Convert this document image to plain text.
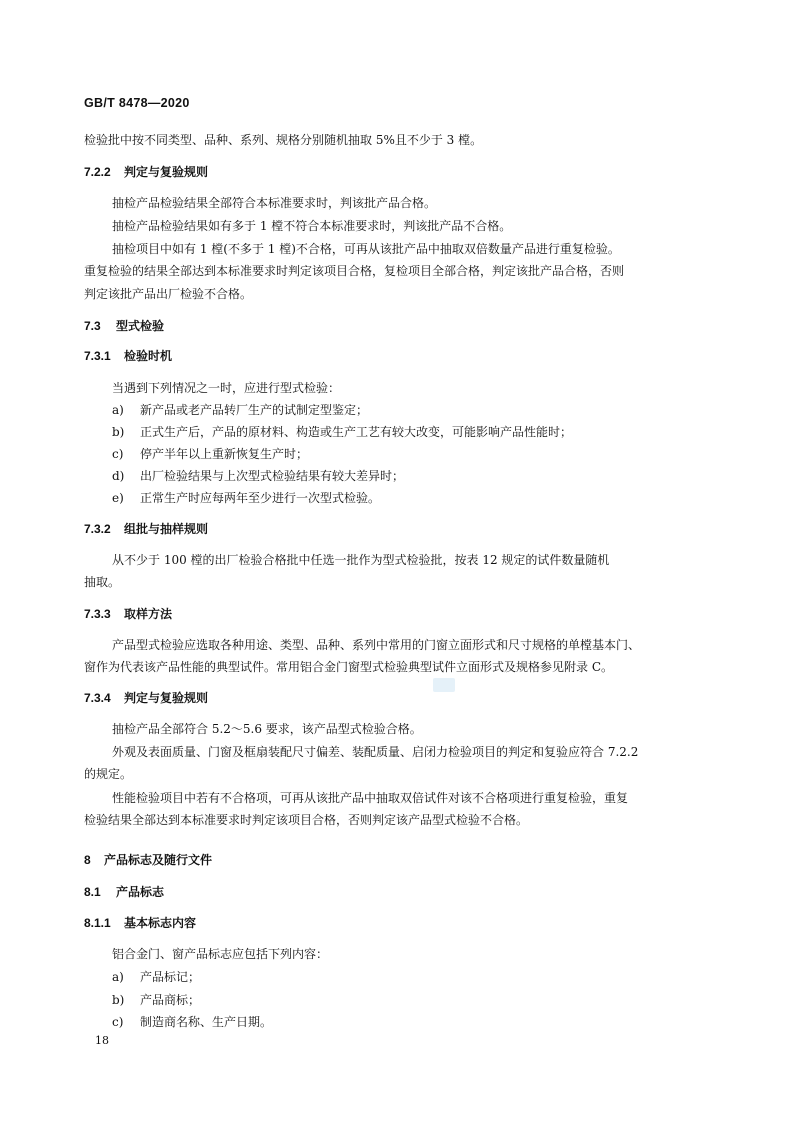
GB/T 8478—2020
检验批中按不同类型、品种、系列、规格分别随机抽取 5%且不少于 3 樘。
7.2.2 判定与复验规则
抽检产品检验结果全部符合本标准要求时，判该批产品合格。
抽检产品检验结果如有多于 1 樘不符合本标准要求时，判该批产品不合格。
抽检项目中如有 1 樘(不多于 1 樘)不合格，可再从该批产品中抽取双倍数量产品进行重复检验。
重复检验的结果全部达到本标准要求时判定该项目合格，复检项目全部合格，判定该批产品合格，否则
判定该批产品出厂检验不合格。
7.3 型式检验
7.3.1 检验时机
当遇到下列情况之一时，应进行型式检验：
a) 新产品或老产品转厂生产的试制定型鉴定；
b) 正式生产后，产品的原材料、构造或生产工艺有较大改变，可能影响产品性能时；
c) 停产半年以上重新恢复生产时；
d) 出厂检验结果与上次型式检验结果有较大差异时；
e) 正常生产时应每两年至少进行一次型式检验。
7.3.2 组批与抽样规则
从不少于 100 樘的出厂检验合格批中任选一批作为型式检验批，按表 12 规定的试件数量随机
抽取。
7.3.3 取样方法
产品型式检验应选取各种用途、类型、品种、系列中常用的门窗立面形式和尺寸规格的单樘基本门、
窗作为代表该产品性能的典型试件。常用铝合金门窗型式检验典型试件立面形式及规格参见附录 C。
7.3.4 判定与复验规则
抽检产品全部符合 5.2～5.6 要求，该产品型式检验合格。
外观及表面质量、门窗及框扇装配尺寸偏差、装配质量、启闭力检验项目的判定和复验应符合 7.2.2
的规定。
性能检验项目中若有不合格项，可再从该批产品中抽取双倍试件对该不合格项进行重复检验，重复
检验结果全部达到本标准要求时判定该项目合格，否则判定该产品型式检验不合格。
8 产品标志及随行文件
8.1 产品标志
8.1.1 基本标志内容
铝合金门、窗产品标志应包括下列内容：
a) 产品标记；
b) 产品商标；
c) 制造商名称、生产日期。
18
